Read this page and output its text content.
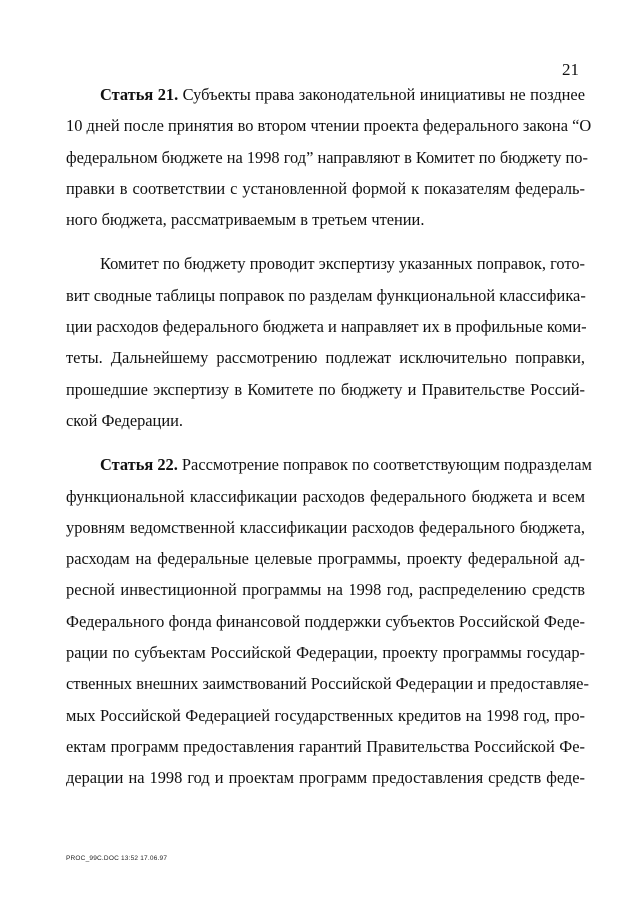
21
Статья 21. Субъекты права законодательной инициативы не позднее
10 дней после принятия во втором чтении проекта федерального закона “О
федеральном бюджете на 1998 год” направляют в Комитет по бюджету по-
правки в соответствии с установленной формой к показателям федераль-
ного бюджета, рассматриваемым в третьем чтении.
Комитет по бюджету проводит экспертизу указанных поправок, гото-
вит сводные таблицы поправок по разделам функциональной классифика-
ции расходов федерального бюджета и направляет их в профильные коми-
теты. Дальнейшему рассмотрению подлежат исключительно поправки,
прошедшие экспертизу в Комитете по бюджету и Правительстве Россий-
ской Федерации.
Статья 22. Рассмотрение поправок по соответствующим подразделам
функциональной классификации расходов федерального бюджета и всем
уровням ведомственной классификации расходов федерального бюджета,
расходам на федеральные целевые программы, проекту федеральной ад-
ресной инвестиционной программы на 1998 год, распределению средств
Федерального фонда финансовой поддержки субъектов Российской Феде-
рации по субъектам Российской Федерации, проекту программы государ-
ственных внешних заимствований Российской Федерации и предоставляе-
мых Российской Федерацией государственных кредитов на 1998 год, про-
ектам программ предоставления гарантий Правительства Российской Фе-
дерации на 1998 год и проектам программ предоставления средств феде-
PROC_99C.DOC 13:52 17.06.97
